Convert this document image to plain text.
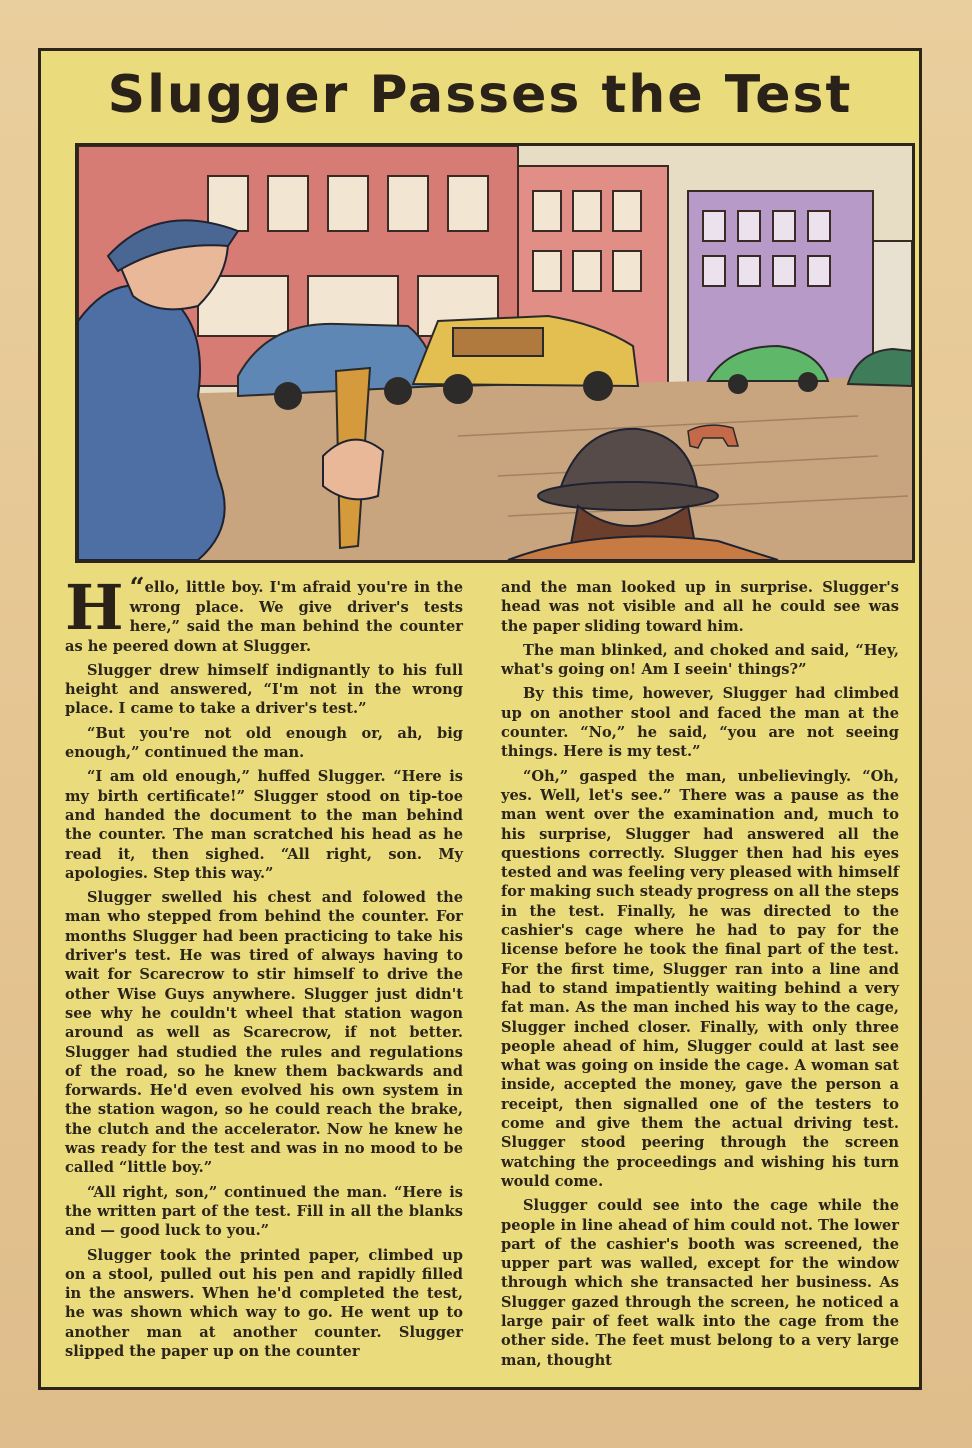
Slugger Passes the Test

“
H ello, little boy. I'm afraid you're in the wrong place. We give driver's tests here,” said the man behind the counter as he peered down at Slugger.

Slugger drew himself indignantly to his full height and answered, “I'm not in the wrong place. I came to take a driver's test.”

“But you're not old enough or, ah, big enough,” continued the man.

“I am old enough,” huffed Slugger. “Here is my birth certificate!” Slugger stood on tip-toe and handed the document to the man behind the counter. The man scratched his head as he read it, then sighed. “All right, son. My apologies. Step this way.”

Slugger swelled his chest and folowed the man who stepped from behind the counter. For months Slugger had been practicing to take his driver's test. He was tired of always having to wait for Scarecrow to stir himself to drive the other Wise Guys anywhere. Slugger just didn't see why he couldn't wheel that station wagon around as well as Scarecrow, if not better. Slugger had studied the rules and regulations of the road, so he knew them backwards and forwards. He'd even evolved his own system in the station wagon, so he could reach the brake, the clutch and the accelerator. Now he knew he was ready for the test and was in no mood to be called “little boy.”

“All right, son,” continued the man. “Here is the written part of the test. Fill in all the blanks and — good luck to you.”

Slugger took the printed paper, climbed up on a stool, pulled out his pen and rapidly filled in the answers. When he'd completed the test, he was shown which way to go. He went up to another man at another counter. Slugger slipped the paper up on the counter

and the man looked up in surprise. Slugger's head was not visible and all he could see was the paper sliding toward him.

The man blinked, and choked and said, “Hey, what's going on! Am I seein' things?”

By this time, however, Slugger had climbed up on another stool and faced the man at the counter. “No,” he said, “you are not seeing things. Here is my test.”

“Oh,” gasped the man, unbelievingly. “Oh, yes. Well, let's see.” There was a pause as the man went over the examination and, much to his surprise, Slugger had answered all the questions correctly. Slugger then had his eyes tested and was feeling very pleased with himself for making such steady progress on all the steps in the test. Finally, he was directed to the cashier's cage where he had to pay for the license before he took the final part of the test. For the first time, Slugger ran into a line and had to stand impatiently waiting behind a very fat man. As the man inched his way to the cage, Slugger inched closer. Finally, with only three people ahead of him, Slugger could at last see what was going on inside the cage. A woman sat inside, accepted the money, gave the person a receipt, then signalled one of the testers to come and give them the actual driving test. Slugger stood peering through the screen watching the proceedings and wishing his turn would come.

Slugger could see into the cage while the people in line ahead of him could not. The lower part of the cashier's booth was screened, the upper part was walled, except for the window through which she transacted her business. As Slugger gazed through the screen, he noticed a large pair of feet walk into the cage from the other side. The feet must belong to a very large man, thought
